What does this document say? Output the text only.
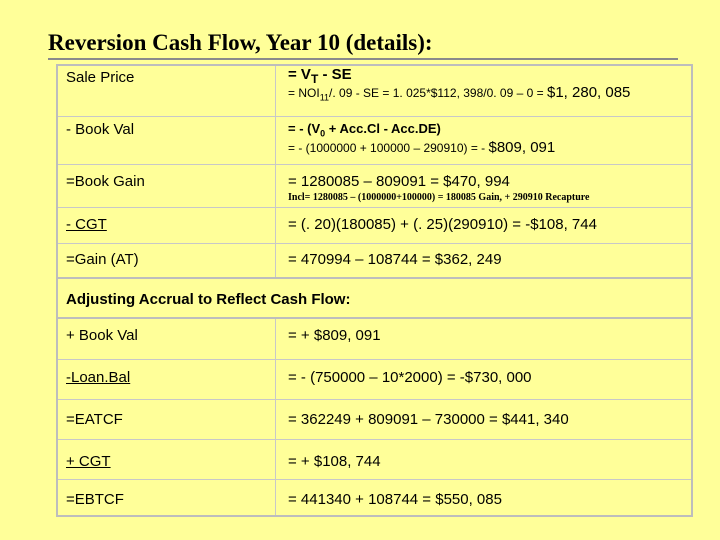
Reversion Cash Flow, Year 10 (details):
Sale Price	= $V_T$ - SE
= $NOI_{11}/$. 09 - SE = 1. 025*$112, 398/0. 09 – 0 = $1, 280, 085
- Book Val	= - $(V_0 + Acc.Cl - Acc.DE)$
= - (1000000 + 100000 – 290910) = - $809, 091
=Book Gain	= 1280085 – 809091 = $470, 994
Incl= 1280085 – (1000000+100000) = 180085 Gain, + 290910 Recapture
- CGT	= (. 20)(180085) + (. 25)(290910) = -$108, 744
=Gain (AT)	= 470994 – 108744 = $362, 249
Adjusting Accrual to Reflect Cash Flow:
+ Book Val	= + $809, 091
-Loan.Bal	= - (750000 – 10*2000) = -$730, 000
=EATCF	= 362249 + 809091 – 730000 = $441, 340
+ CGT	= + $108, 744
=EBTCF	= 441340 + 108744 = $550, 085
